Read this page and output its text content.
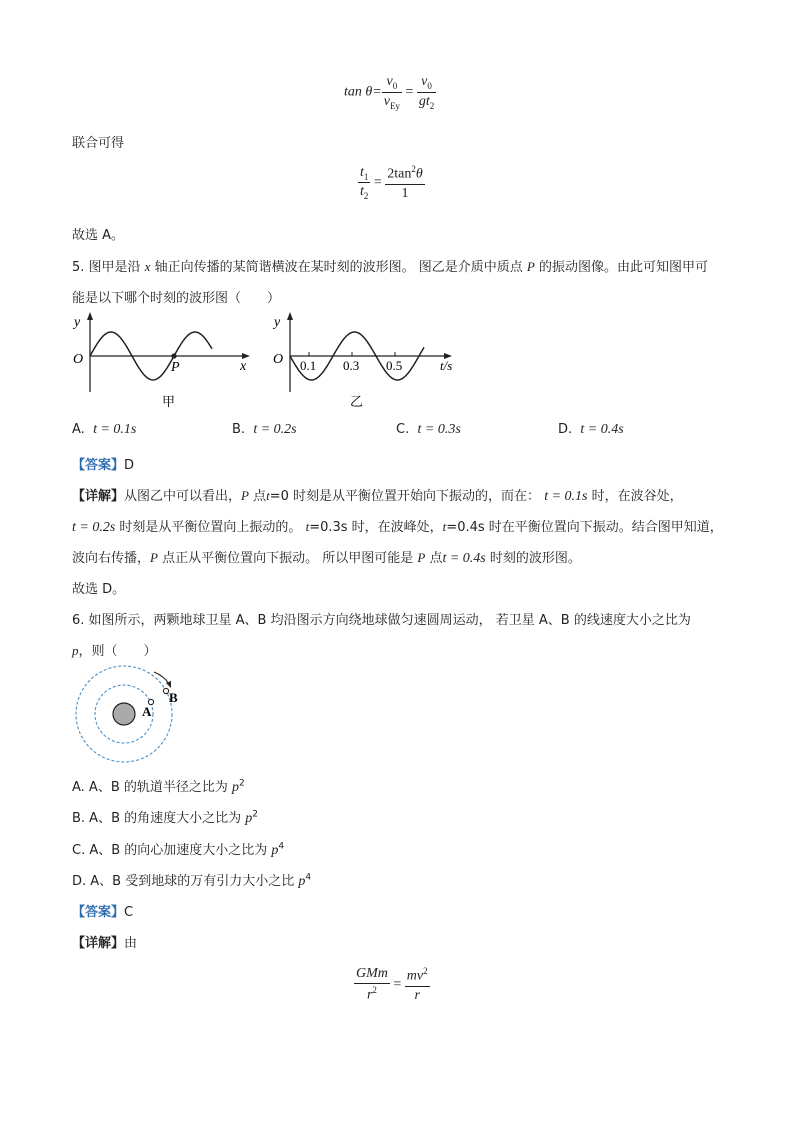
$\tan \theta= \frac{v_0}{v_{Ey}} = \frac{v_0}{gt_2}$
联合可得
$\frac{t_1}{t_2} = \frac{2\tan^2\theta}{1}$
故选 A。
5. 图甲是沿 x 轴正向传播的某简谐横波在某时刻的波形图。 图乙是介质中质点 P 的振动图像。由此可知图甲可
能是以下哪个时刻的波形图（　　）
y
O
P	x
甲
y
O 0.1 0.3 0.5	t/s
乙
A. t = 0.1s	B. t = 0.2s	C. t = 0.3s	D. t = 0.4s
【答案】D
【详解】从图乙中可以看出，P 点t=0 时刻是从平衡位置开始向下振动的，而在： t = 0.1s 时，在波谷处，
t = 0.2s 时刻是从平衡位置向上振动的。 t=0.3s 时，在波峰处，t=0.4s 时在平衡位置向下振动。结合图甲知道，
波向右传播，P 点正从平衡位置向下振动。 所以甲图可能是 P 点t = 0.4s 时刻的波形图。
故选 D。
6. 如图所示，两颗地球卫星 A、B 均沿图示方向绕地球做匀速圆周运动， 若卫星 A、B 的线速度大小之比为
p，则（　　）
A
B
A. A、B 的轨道半径之比为 $p^2$
B. A、B 的角速度大小之比为 $p^2$
C. A、B 的向心加速度大小之比为 $p^4$
D. A、B 受到地球的万有引力大小之比 $p^4$
【答案】C
【详解】由
$\frac{\text{GMm}}{r^2} = \frac{mv^2}{r}$
